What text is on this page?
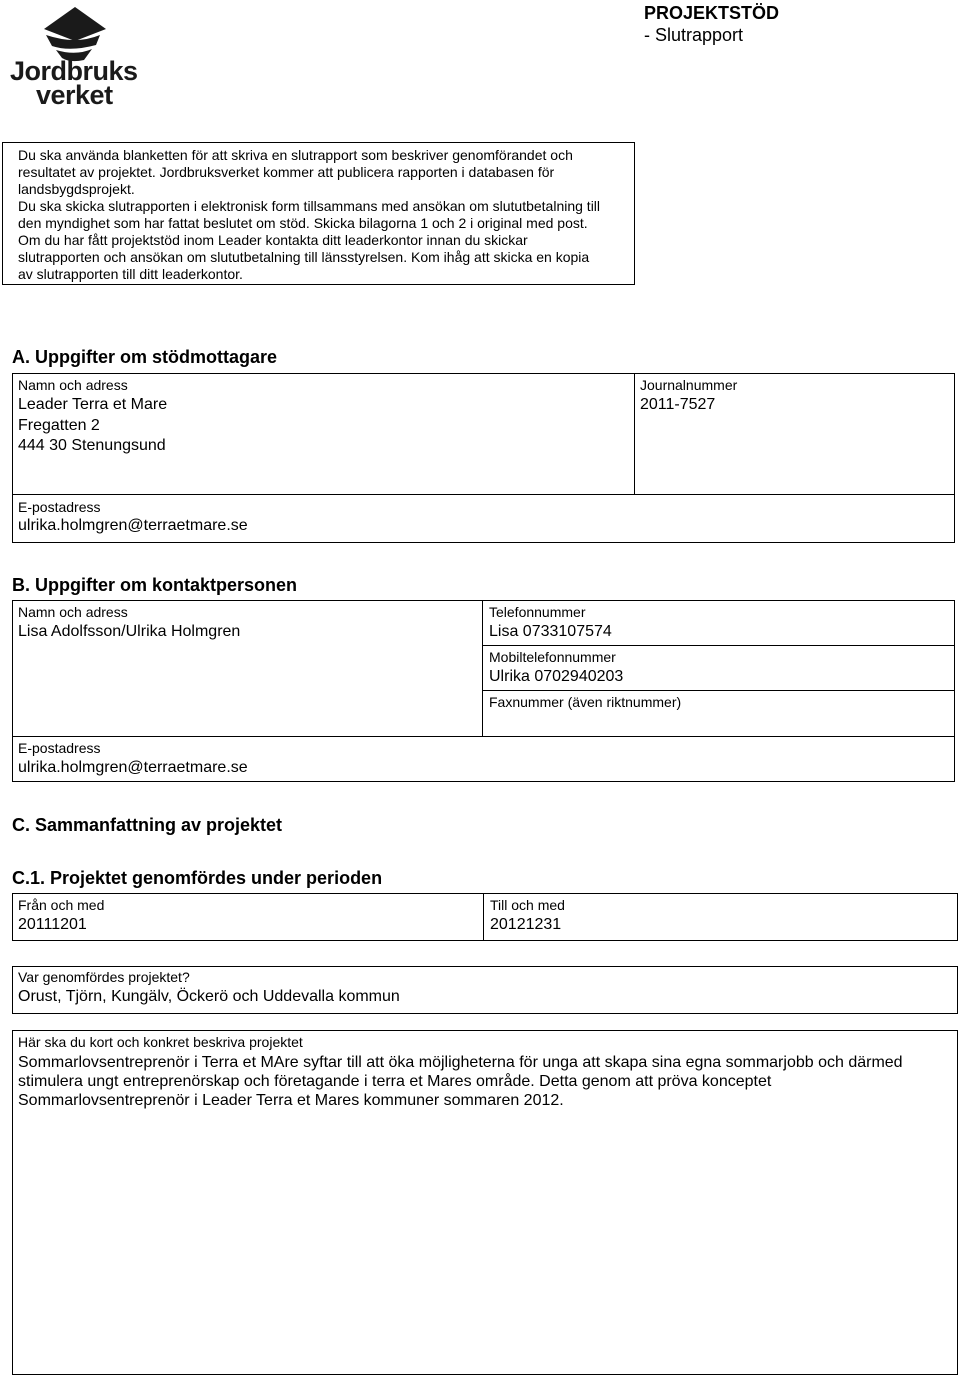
Jordbruks
verket
PROJEKTSTÖD
- Slutrapport

Du ska använda blanketten för att skriva en slutrapport som beskriver genomförandet och

resultatet av projektet. Jordbruksverket kommer att publicera rapporten i databasen för

landsbygdsprojekt.

Du ska skicka slutrapporten i elektronisk form tillsammans med ansökan om slututbetalning till

den myndighet som har fattat beslutet om stöd. Skicka bilagorna 1 och 2 i original med post.

Om du har fått projektstöd inom Leader kontakta ditt leaderkontor innan du skickar

slutrapporten och ansökan om slututbetalning till länsstyrelsen. Kom ihåg att skicka en kopia

av slutrapporten till ditt leaderkontor.

A. Uppgifter om stödmottagare
Namn och adress
Leader Terra et Mare
Fregatten 2
444 30 Stenungsund
Journalnummer
2011-7527
E-postadress
ulrika.holmgren@terraetmare.se
B. Uppgifter om kontaktpersonen
Namn och adress
Lisa Adolfsson/Ulrika Holmgren
Telefonnummer
Lisa 0733107574
Mobiltelefonnummer
Ulrika 0702940203
Faxnummer (även riktnummer)
E-postadress
ulrika.holmgren@terraetmare.se
C. Sammanfattning av projektet
C.1. Projektet genomfördes under perioden
Från och med
20111201
Till och med
20121231
Var genomfördes projektet?
Orust, Tjörn, Kungälv, Öckerö och Uddevalla kommun
Här ska du kort och konkret beskriva projektet
Sommarlovsentreprenör i Terra et MAre syftar till att öka möjligheterna för unga att skapa sina egna sommarjobb och därmed
stimulera ungt entreprenörskap och företagande i terra et Mares område. Detta genom att pröva konceptet
Sommarlovsentreprenör i Leader Terra et Mares kommuner sommaren 2012.
